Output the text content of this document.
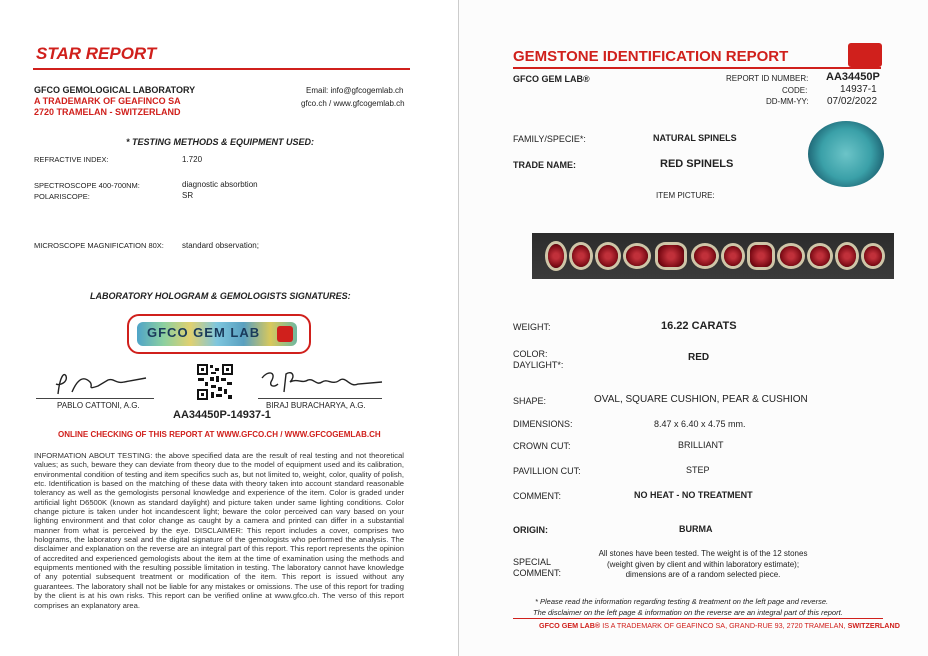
STAR REPORT
GFCO GEMOLOGICAL LABORATORY
A TRADEMARK OF GEAFINCO SA
2720 TRAMELAN - SWITZERLAND
Email: info@gfcogemlab.ch
gfco.ch / www.gfcogemlab.ch
* TESTING METHODS & EQUIPMENT USED:
REFRACTIVE INDEX:	1.720
SPECTROSCOPE 400-700NM:	diagnostic absorbtion
POLARISCOPE:	SR
MICROSCOPE MAGNIFICATION 80X: standard observation;
LABORATORY HOLOGRAM & GEMOLOGISTS SIGNATURES:
GFCO GEM LAB
PABLO CATTONI, A.G.	BIRAJ BURACHARYA, A.G.
AA34450P-14937-1
ONLINE CHECKING OF THIS REPORT AT WWW.GFCO.CH / WWW.GFCOGEMLAB.CH
INFORMATION ABOUT TESTING: the above specified data are the result of real testing and not theoretical values; as such, beware they can deviate from theory due to the model of equipment used and its calibration, environmental condition of testing and item specifics such as, but not limited to, weight, color, quality of polish, etc. Identification is based on the matching of these data with theory taken into account standard reasonable tolerancy as well as the gemologists personal knowledge and experience of the item. Color is graded under artificial light D6500K (known as standard daylight) and picture taken under same lighting conditions. Color change picture is taken under hot incandescent light; beware the color perceived can vary based on your lighting environment and that color change as caught by a camera and printed can differ in a substantial manner from what is perceived by the eye. DISCLAIMER: This report includes a cover, comprises two holograms, the laboratory seal and the digital signature of the gemologists who performed the analysis. The disclaimer and explanation on the reverse are an integral part of this report. This report represents the opinion of accredited and experienced gemologists about the item at the time of examination using the methods and equipments mentioned with the resulting possible limitation in testing. The laboratory cannot have knowledge of any potential subsequent treatment or modification of the item. This report is issued without any guarantees. The laboratory shall not be liable for any mistakes or omissions. The use of this report for trading by the client is at his own risks. This report can be verified online at www.gfco.ch. The verso of this report comprises an explanatory area.
GEMSTONE IDENTIFICATION REPORT
GFCO GEM LAB®	REPORT ID NUMBER: AA34450P
CODE:	14937-1
DD-MM-YY: 07/02/2022
FAMILY/SPECIE*:	NATURAL SPINELS
TRADE NAME:	RED SPINELS
ITEM PICTURE:
WEIGHT:	16.22 CARATS
COLOR:
DAYLIGHT*:
RED
SHAPE:	OVAL, SQUARE CUSHION, PEAR & CUSHION
DIMENSIONS:	8.47 x 6.40 x 4.75 mm.
CROWN CUT:	BRILLIANT
PAVILLION CUT:	STEP
COMMENT:	NO HEAT - NO TREATMENT
ORIGIN:	BURMA
SPECIAL
COMMENT:
All stones have been tested. The weight is of the 12 stones (weight given by client and within laboratory estimate); dimensions are of a random selected piece.
* Please read the information regarding testing & treatment on the left page and reverse.
The disclaimer on the left page & information on the reverse are an integral part of this report.
GFCO GEM LAB® IS A TRADEMARK OF GEAFINCO SA, GRAND-RUE 93, 2720 TRAMELAN, SWITZERLAND
